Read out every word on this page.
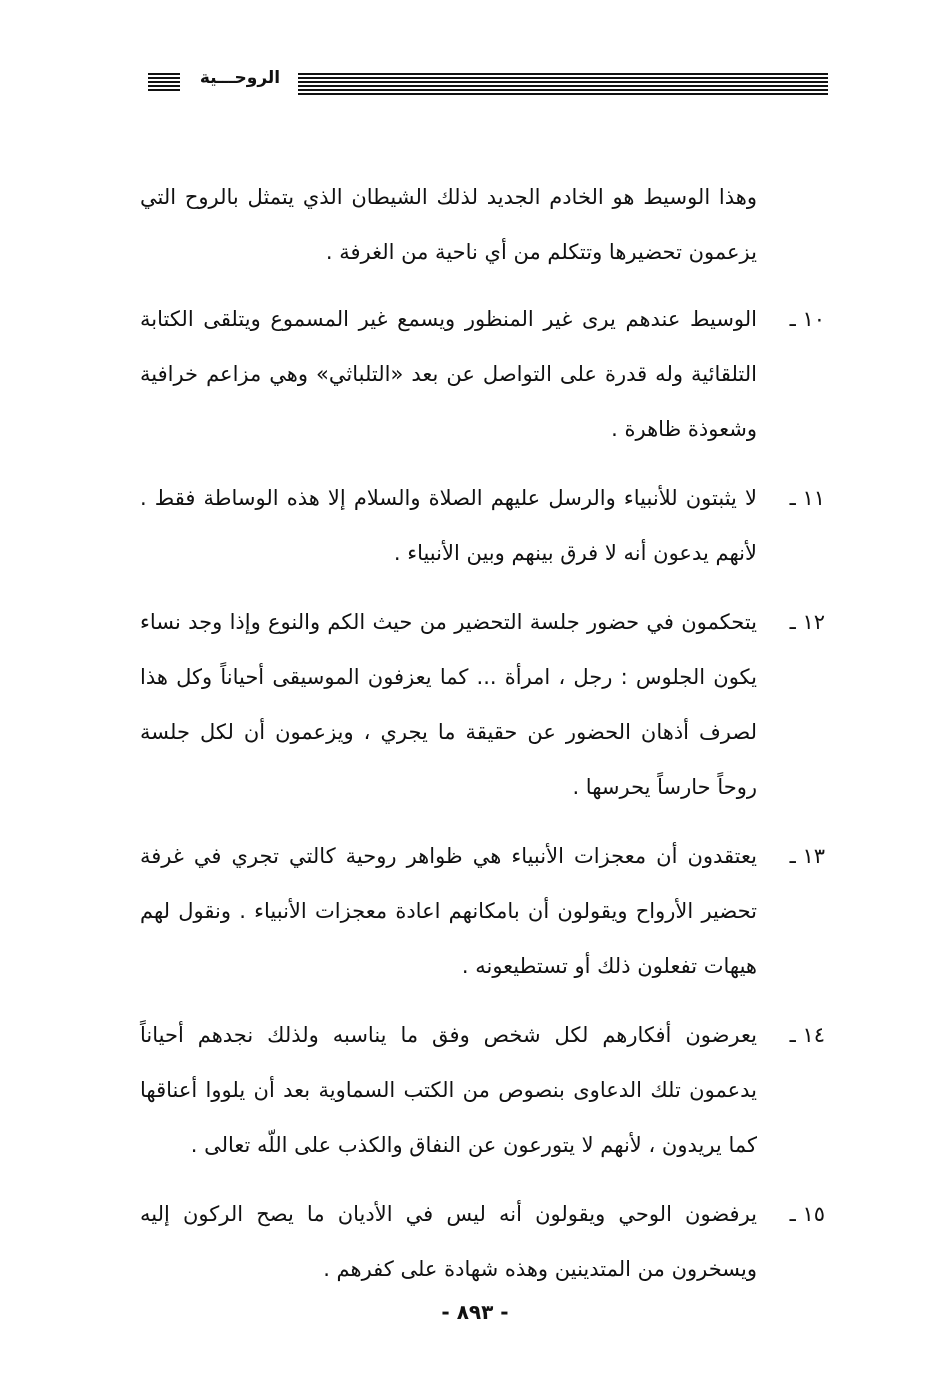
الروحـــية

وهذا الوسيط هو الخادم الجديد لذلك الشيطان الذي يتمثل بالروح التي يزعمون تحضيرها وتتكلم من أي ناحية من الغرفة .

١٠ ـ
الوسيط عندهم يرى غير المنظور ويسمع غير المسموع ويتلقى الكتابة التلقائية وله قدرة على التواصل عن بعد «التلباثي» وهي مزاعم خرافية وشعوذة ظاهرة .
١١ ـ
لا يثبتون للأنبياء والرسل عليهم الصلاة والسلام إلا هذه الوساطة فقط . لأنهم يدعون أنه لا فرق بينهم وبين الأنبياء .
١٢ ـ
يتحكمون في حضور جلسة التحضير من حيث الكم والنوع وإذا وجد نساء يكون الجلوس : رجل ، امرأة ... كما يعزفون الموسيقى أحياناً وكل هذا لصرف أذهان الحضور عن حقيقة ما يجري ، ويزعمون أن لكل جلسة روحاً حارساً يحرسها .
١٣ ـ
يعتقدون أن معجزات الأنبياء هي ظواهر روحية كالتي تجري في غرفة تحضير الأرواح ويقولون أن بامكانهم اعادة معجزات الأنبياء . ونقول لهم هيهات تفعلون ذلك أو تستطيعونه .
١٤ ـ
يعرضون أفكارهم لكل شخص وفق ما يناسبه ولذلك نجدهم أحياناً يدعمون تلك الدعاوى بنصوص من الكتب السماوية بعد أن يلووا أعناقها كما يريدون ، لأنهم لا يتورعون عن النفاق والكذب على اللّه تعالى .
١٥ ـ
يرفضون الوحي ويقولون أنه ليس في الأديان ما يصح الركون إليه ويسخرون من المتدينين وهذه شهادة على كفرهم .
- ٨٩٣ -
